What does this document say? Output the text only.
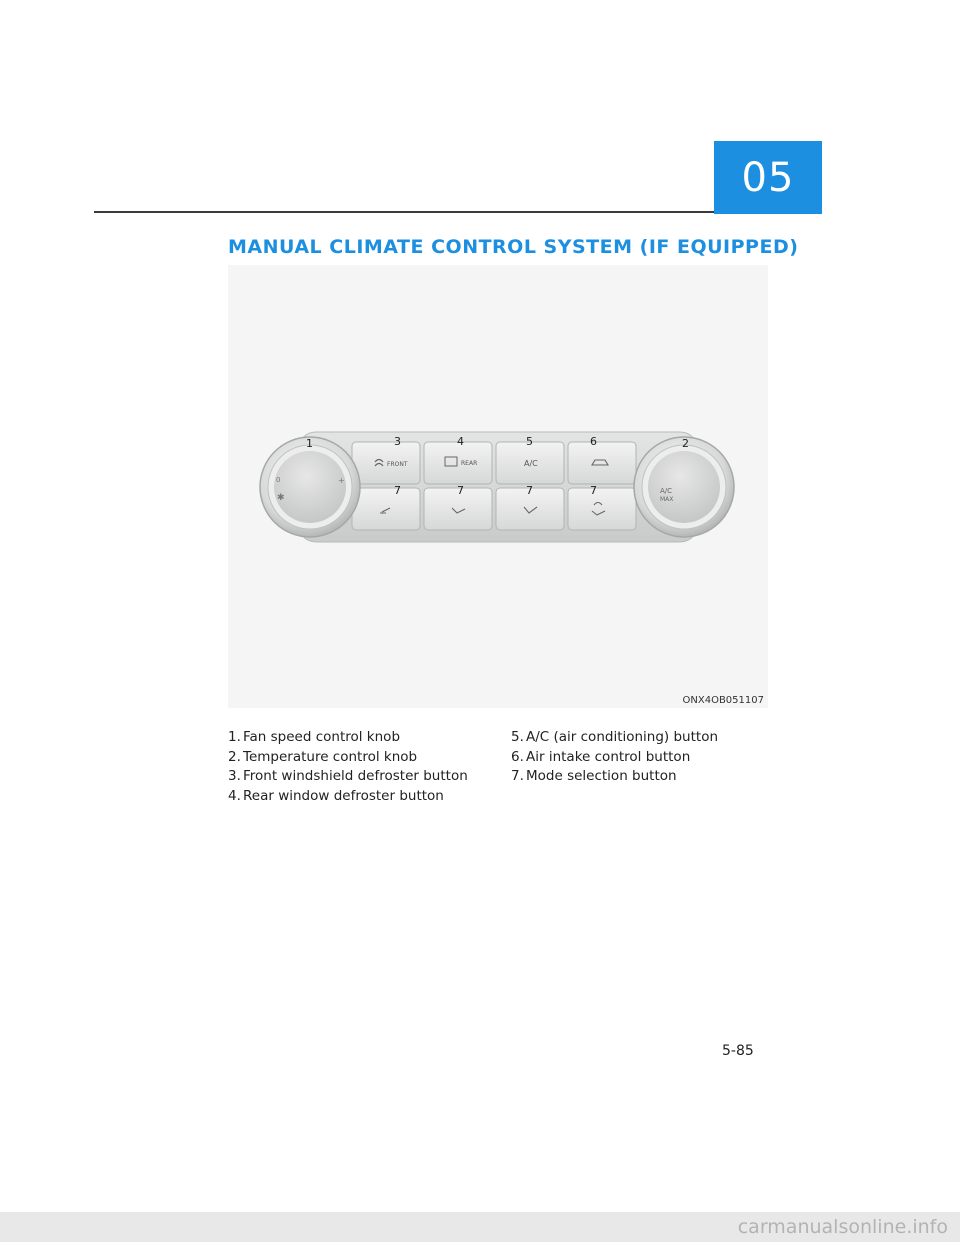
05
MANUAL CLIMATE CONTROL SYSTEM (IF EQUIPPED)
FRONT	REAR	A/C
0
✱
+
A/C
MAX
1	2
3	4	5	6
7	7	7	7
ONX4OB051107
1. Fan speed control knob
2. Temperature control knob
3. Front windshield defroster button
4. Rear window defroster button
5. A/C (air conditioning) button
6. Air intake control button
7. Mode selection button
5-85
carmanualsonline.info
